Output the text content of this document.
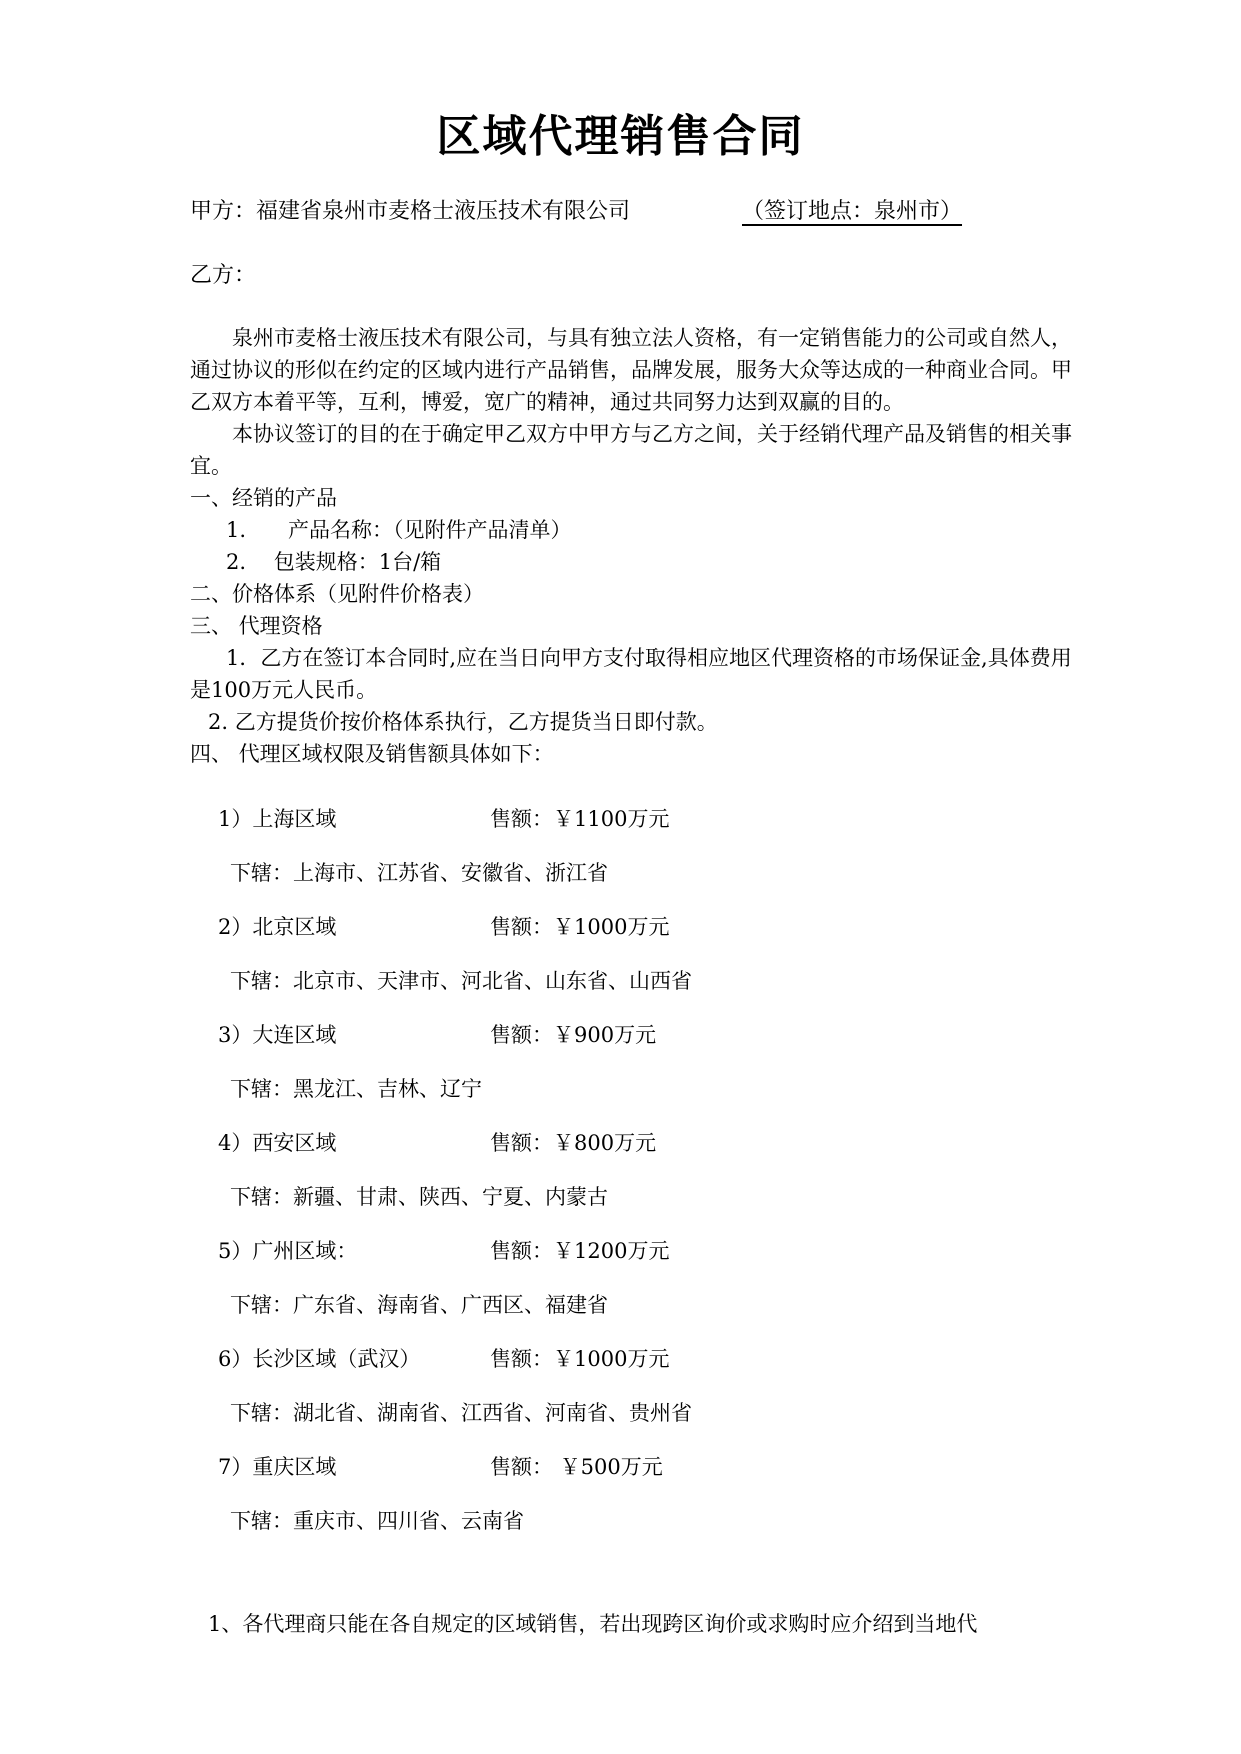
区域代理销售合同
甲方：福建省泉州市麦格士液压技术有限公司	（签订地点：泉州市）
乙方：
泉州市麦格士液压技术有限公司，与具有独立法人资格，有一定销售能力的公司或自然人，通过协议的形似在约定的区域内进行产品销售，品牌发展，服务大众等达成的一种商业合同。甲乙双方本着平等，互利，博爱，宽广的精神，通过共同努力达到双赢的目的。
本协议签订的目的在于确定甲乙双方中甲方与乙方之间，关于经销代理产品及销售的相关事宜。
一、经销的产品
1.　　产品名称：（见附件产品清单）
2.　 包装规格：1台/箱
二、价格体系（见附件价格表）
三、 代理资格
1．乙方在签订本合同时,应在当日向甲方支付取得相应地区代理资格的市场保证金,具体费用是100万元人民币。
2. 乙方提货价按价格体系执行，乙方提货当日即付款。
四、 代理区域权限及销售额具体如下：
1）上海区域	售额：￥1100万元
下辖：上海市、江苏省、安徽省、浙江省
2）北京区域	售额：￥1000万元
下辖：北京市、天津市、河北省、山东省、山西省
3）大连区域	售额：￥900万元
下辖：黑龙江、吉林、辽宁
4）西安区域	售额：￥800万元
下辖：新疆、甘肃、陕西、宁夏、内蒙古
5）广州区域：	售额：￥1200万元
下辖：广东省、海南省、广西区、福建省
6）长沙区域（武汉）	售额：￥1000万元
下辖：湖北省、湖南省、江西省、河南省、贵州省
7）重庆区域	售额： ￥500万元
下辖：重庆市、四川省、云南省
1、各代理商只能在各自规定的区域销售，若出现跨区询价或求购时应介绍到当地代
